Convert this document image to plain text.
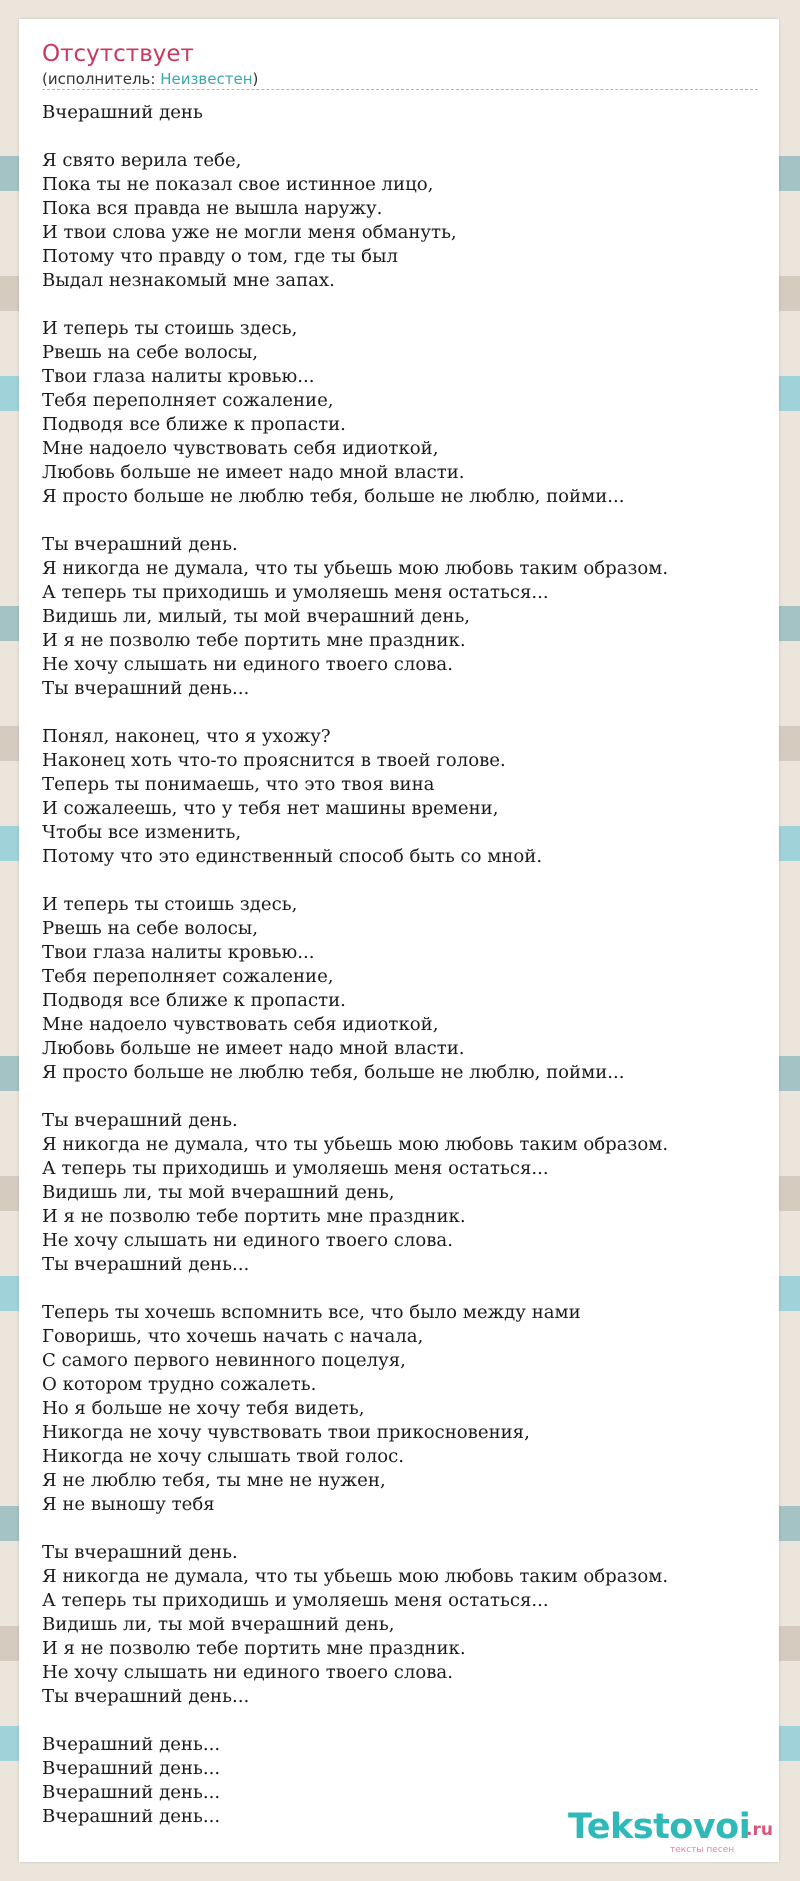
Отсутствует
(исполнитель: Неизвестен)
Вчерашний день
Я свято верила тебе,
Пока ты не показал свое истинное лицо,
Пока вся правда не вышла наружу.
И твои слова уже не могли меня обмануть,
Потому что правду о том, где ты был
Выдал незнакомый мне запах.
И теперь ты стоишь здесь,
Рвешь на себе волосы,
Твои глаза налиты кровью...
Тебя переполняет сожаление,
Подводя все ближе к пропасти.
Мне надоело чувствовать себя идиоткой,
Любовь больше не имеет надо мной власти.
Я просто больше не люблю тебя, больше не люблю, пойми...
Ты вчерашний день.
Я никогда не думала, что ты убьешь мою любовь таким образом.
А теперь ты приходишь и умоляешь меня остаться...
Видишь ли, милый, ты мой вчерашний день,
И я не позволю тебе портить мне праздник.
Не хочу слышать ни единого твоего слова.
Ты вчерашний день...
Понял, наконец, что я ухожу?
Наконец хоть что-то прояснится в твоей голове.
Теперь ты понимаешь, что это твоя вина
И сожалеешь, что у тебя нет машины времени,
Чтобы все изменить,
Потому что это единственный способ быть со мной.
И теперь ты стоишь здесь,
Рвешь на себе волосы,
Твои глаза налиты кровью...
Тебя переполняет сожаление,
Подводя все ближе к пропасти.
Мне надоело чувствовать себя идиоткой,
Любовь больше не имеет надо мной власти.
Я просто больше не люблю тебя, больше не люблю, пойми...
Ты вчерашний день.
Я никогда не думала, что ты убьешь мою любовь таким образом.
А теперь ты приходишь и умоляешь меня остаться...
Видишь ли, ты мой вчерашний день,
И я не позволю тебе портить мне праздник.
Не хочу слышать ни единого твоего слова.
Ты вчерашний день...
Теперь ты хочешь вспомнить все, что было между нами
Говоришь, что хочешь начать с начала,
С самого первого невинного поцелуя,
О котором трудно сожалеть.
Но я больше не хочу тебя видеть,
Никогда не хочу чувствовать твои прикосновения,
Никогда не хочу слышать твой голос.
Я не люблю тебя, ты мне не нужен,
Я не выношу тебя
Ты вчерашний день.
Я никогда не думала, что ты убьешь мою любовь таким образом.
А теперь ты приходишь и умоляешь меня остаться...
Видишь ли, ты мой вчерашний день,
И я не позволю тебе портить мне праздник.
Не хочу слышать ни единого твоего слова.
Ты вчерашний день...
Вчерашний день...
Вчерашний день...
Вчерашний день...
Вчерашний день...	Tekstovoi
.ru
тексты песен
